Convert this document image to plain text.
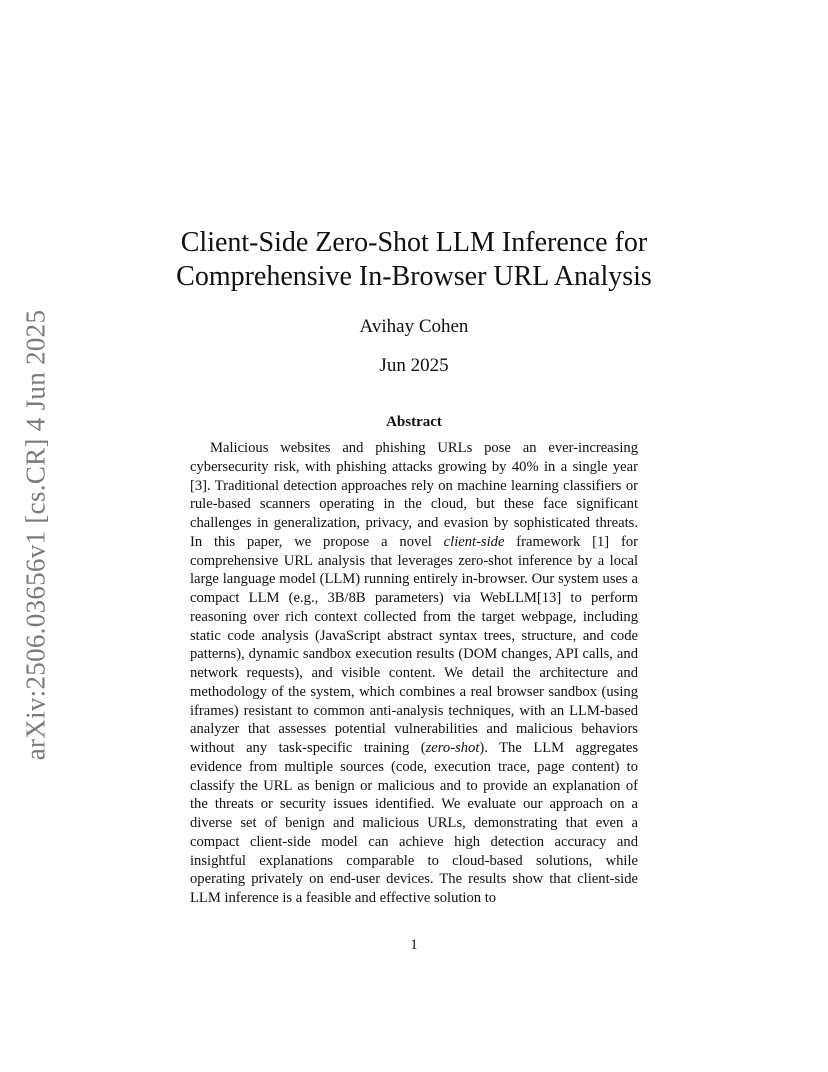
arXiv:2506.03656v1 [cs.CR] 4 Jun 2025
Client-Side Zero-Shot LLM Inference for
Comprehensive In-Browser URL Analysis
Avihay Cohen
Jun 2025
Abstract

Malicious websites and phishing URLs pose an ever-increasing cybersecurity risk, with phishing attacks growing by 40% in a single year [3]. Traditional detection approaches rely on machine learning classifiers or rule-based scanners operating in the cloud, but these face significant challenges in generalization, privacy, and evasion by sophisticated threats. In this paper, we propose a novel client-side framework [1] for comprehensive URL analysis that leverages zero-shot inference by a local large language model (LLM) running entirely in-browser. Our system uses a compact LLM (e.g., 3B/8B parameters) via WebLLM[13] to perform reasoning over rich context collected from the target webpage, including static code analysis (JavaScript abstract syntax trees, structure, and code patterns), dynamic sandbox execution results (DOM changes, API calls, and network requests), and visible content. We detail the architecture and methodology of the system, which combines a real browser sandbox (using iframes) resistant to common anti-analysis techniques, with an LLM-based analyzer that assesses potential vulnerabilities and malicious behaviors without any task-specific training (zero-shot). The LLM aggregates evidence from multiple sources (code, execution trace, page content) to classify the URL as benign or malicious and to provide an explanation of the threats or security issues identified. We evaluate our approach on a diverse set of benign and malicious URLs, demonstrating that even a compact client-side model can achieve high detection accuracy and insightful explanations comparable to cloud-based solutions, while operating privately on end-user devices. The results show that client-side LLM inference is a feasible and effective solution to

1
